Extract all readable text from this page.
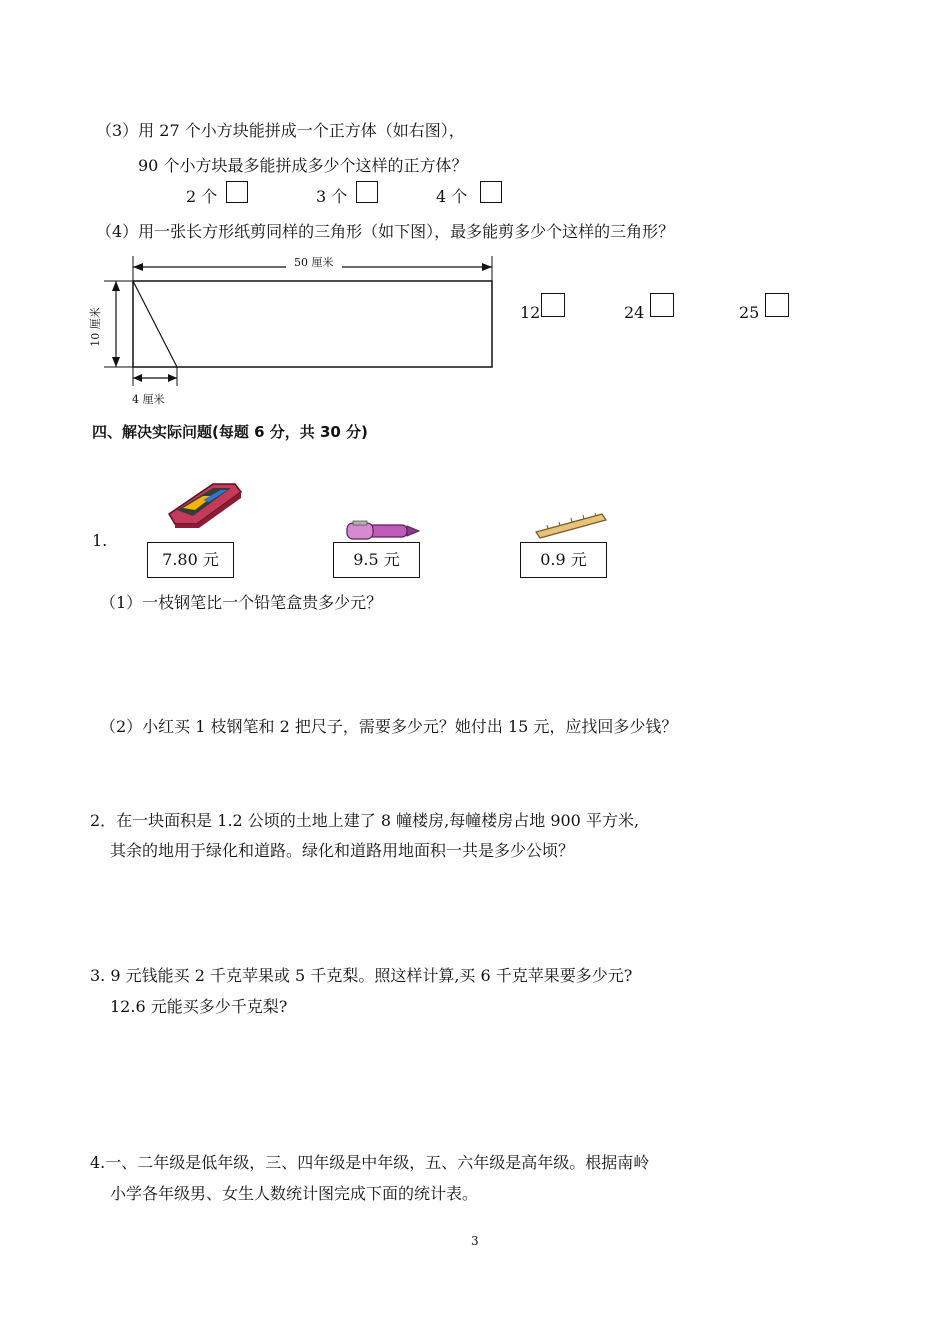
（3）用 27 个小方块能拼成一个正方体（如右图），
90 个小方块最多能拼成多少个这样的正方体？
2 个	3 个	4 个
（4）用一张长方形纸剪同样的三角形（如下图），最多能剪多少个这样的三角形？
50 厘米
10 厘米
4 厘米
12	24	25
四、解决实际问题(每题 6 分，共 30 分)
1.
7.80 元	9.5 元	0.9 元
（1）一枝钢笔比一个铅笔盒贵多少元？
（2）小红买 1 枝钢笔和 2 把尺子，需要多少元？她付出 15 元，应找回多少钱？
2．在一块面积是 1.2 公顷的土地上建了 8 幢楼房,每幢楼房占地 900 平方米,
其余的地用于绿化和道路。绿化和道路用地面积一共是多少公顷？
3. 9 元钱能买 2 千克苹果或 5 千克梨。照这样计算,买 6 千克苹果要多少元?
12.6 元能买多少千克梨?
4.一、二年级是低年级，三、四年级是中年级，五、六年级是高年级。根据南岭
小学各年级男、女生人数统计图完成下面的统计表。
3
